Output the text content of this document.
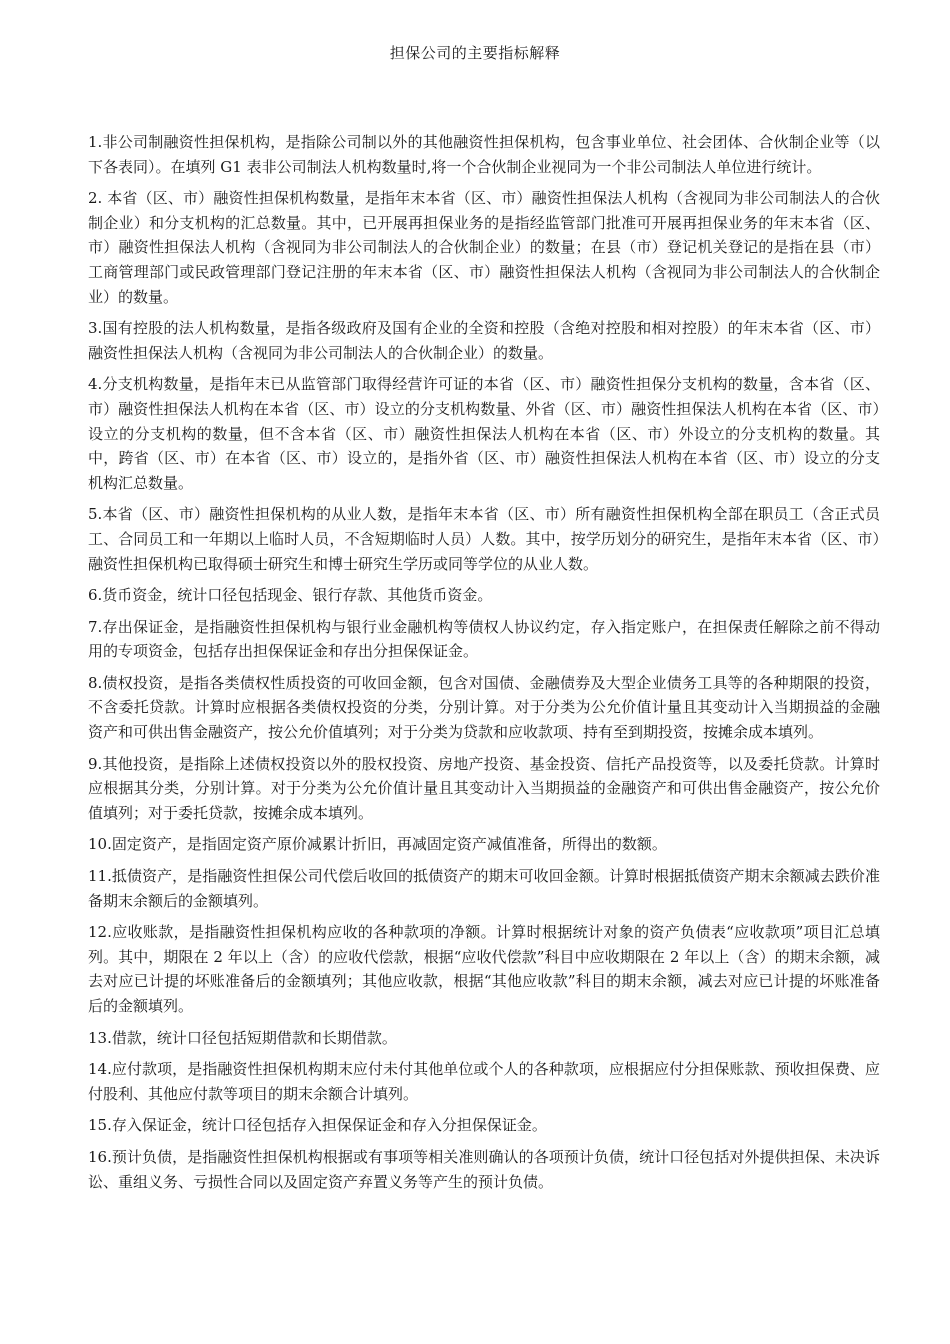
担保公司的主要指标解释

1.非公司制融资性担保机构，是指除公司制以外的其他融资性担保机构，包含事业单位、社会团体、合伙制企业等（以下各表同）。在填列 G1 表非公司制法人机构数量时,将一个合伙制企业视同为一个非公司制法人单位进行统计。

2. 本省（区、市）融资性担保机构数量，是指年末本省（区、市）融资性担保法人机构（含视同为非公司制法人的合伙制企业）和分支机构的汇总数量。其中，已开展再担保业务的是指经监管部门批准可开展再担保业务的年末本省（区、市）融资性担保法人机构（含视同为非公司制法人的合伙制企业）的数量；在县（市）登记机关登记的是指在县（市）工商管理部门或民政管理部门登记注册的年末本省（区、市）融资性担保法人机构（含视同为非公司制法人的合伙制企业）的数量。

3.国有控股的法人机构数量，是指各级政府及国有企业的全资和控股（含绝对控股和相对控股）的年末本省（区、市）融资性担保法人机构（含视同为非公司制法人的合伙制企业）的数量。

4.分支机构数量，是指年末已从监管部门取得经营许可证的本省（区、市）融资性担保分支机构的数量，含本省（区、市）融资性担保法人机构在本省（区、市）设立的分支机构数量、外省（区、市）融资性担保法人机构在本省（区、市）设立的分支机构的数量，但不含本省（区、市）融资性担保法人机构在本省（区、市）外设立的分支机构的数量。其中，跨省（区、市）在本省（区、市）设立的，是指外省（区、市）融资性担保法人机构在本省（区、市）设立的分支机构汇总数量。

5.本省（区、市）融资性担保机构的从业人数，是指年末本省（区、市）所有融资性担保机构全部在职员工（含正式员工、合同员工和一年期以上临时人员，不含短期临时人员）人数。其中，按学历划分的研究生，是指年末本省（区、市）融资性担保机构已取得硕士研究生和博士研究生学历或同等学位的从业人数。

6.货币资金，统计口径包括现金、银行存款、其他货币资金。

7.存出保证金，是指融资性担保机构与银行业金融机构等债权人协议约定，存入指定账户，在担保责任解除之前不得动用的专项资金，包括存出担保保证金和存出分担保保证金。

8.债权投资，是指各类债权性质投资的可收回金额，包含对国债、金融债券及大型企业债务工具等的各种期限的投资，不含委托贷款。计算时应根据各类债权投资的分类，分别计算。对于分类为公允价值计量且其变动计入当期损益的金融资产和可供出售金融资产，按公允价值填列；对于分类为贷款和应收款项、持有至到期投资，按摊余成本填列。

9.其他投资，是指除上述债权投资以外的股权投资、房地产投资、基金投资、信托产品投资等，以及委托贷款。计算时应根据其分类，分别计算。对于分类为公允价值计量且其变动计入当期损益的金融资产和可供出售金融资产，按公允价值填列；对于委托贷款，按摊余成本填列。

10.固定资产，是指固定资产原价减累计折旧，再减固定资产减值准备，所得出的数额。

11.抵债资产，是指融资性担保公司代偿后收回的抵债资产的期末可收回金额。计算时根据抵债资产期末余额减去跌价准备期末余额后的金额填列。

12.应收账款，是指融资性担保机构应收的各种款项的净额。计算时根据统计对象的资产负债表“应收款项”项目汇总填列。其中，期限在 2 年以上（含）的应收代偿款，根据“应收代偿款”科目中应收期限在 2 年以上（含）的期末余额，减去对应已计提的坏账准备后的金额填列；其他应收款，根据“其他应收款”科目的期末余额，减去对应已计提的坏账准备后的金额填列。

13.借款，统计口径包括短期借款和长期借款。

14.应付款项，是指融资性担保机构期末应付未付其他单位或个人的各种款项，应根据应付分担保账款、预收担保费、应付股利、其他应付款等项目的期末余额合计填列。

15.存入保证金，统计口径包括存入担保保证金和存入分担保保证金。

16.预计负债，是指融资性担保机构根据或有事项等相关准则确认的各项预计负债，统计口径包括对外提供担保、未决诉讼、重组义务、亏损性合同以及固定资产弃置义务等产生的预计负债。
